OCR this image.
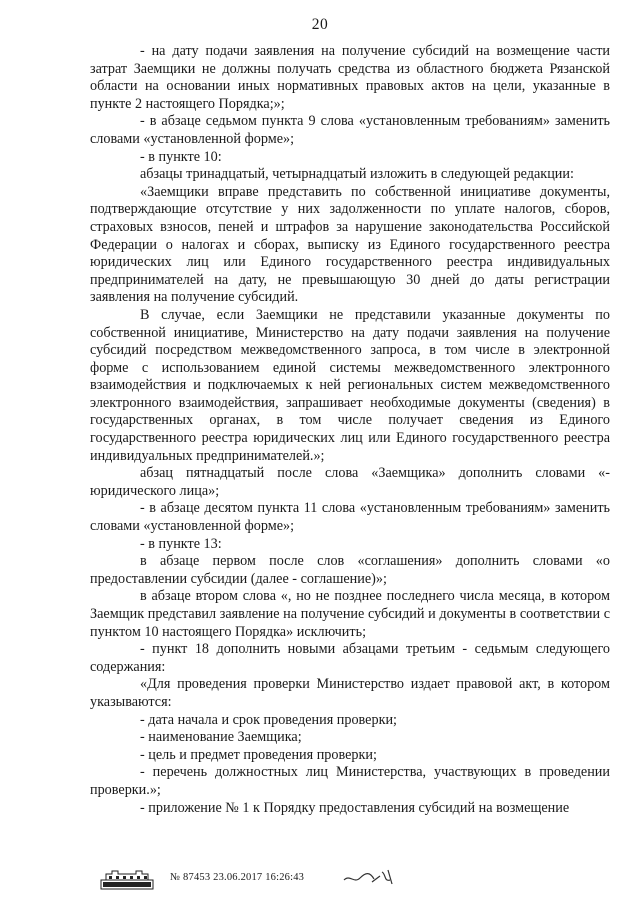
20

- на дату подачи заявления на получение субсидий на возмещение части затрат Заемщики не должны получать средства из областного бюджета Рязанской области на основании иных нормативных правовых актов на цели, указанные в пункте 2 настоящего Порядка;»;

- в абзаце седьмом пункта 9 слова «установленным требованиям» заменить словами «установленной форме»;

- в пункте 10:

абзацы тринадцатый, четырнадцатый изложить в следующей редакции:

«Заемщики вправе представить по собственной инициативе документы, подтверждающие отсутствие у них задолженности по уплате налогов, сборов, страховых взносов, пеней и штрафов за нарушение законодательства Российской Федерации о налогах и сборах, выписку из Единого государственного реестра юридических лиц или Единого государственного реестра индивидуальных предпринимателей на дату, не превышающую 30 дней до даты регистрации заявления на получение субсидий.

В случае, если Заемщики не представили указанные документы по собственной инициативе, Министерство на дату подачи заявления на получение субсидий посредством межведомственного запроса, в том числе в электронной форме с использованием единой системы межведомственного электронного взаимодействия и подключаемых к ней региональных систем межведомственного электронного взаимодействия, запрашивает необходимые документы (сведения) в государственных органах, в том числе получает сведения из Единого государственного реестра юридических лиц или Единого государственного реестра индивидуальных предпринимателей.»;

абзац пятнадцатый после слова «Заемщика» дополнить словами «- юридического лица»;

- в абзаце десятом пункта 11 слова «установленным требованиям» заменить словами «установленной форме»;

- в пункте 13:

в абзаце первом после слов «соглашения» дополнить словами «о предоставлении субсидии (далее - соглашение)»;

в абзаце втором слова «, но не позднее последнего числа месяца, в котором Заемщик представил заявление на получение субсидий и документы в соответствии с пунктом 10 настоящего Порядка» исключить;

- пункт 18 дополнить новыми абзацами третьим - седьмым следующего содержания:

«Для проведения проверки Министерство издает правовой акт, в котором указываются:

- дата начала и срок проведения проверки;

- наименование Заемщика;

- цель и предмет проведения проверки;

- перечень должностных лиц Министерства, участвующих в проведении проверки.»;

- приложение № 1 к Порядку предоставления субсидий на возмещение

№ 87453 23.06.2017 16:26:43
